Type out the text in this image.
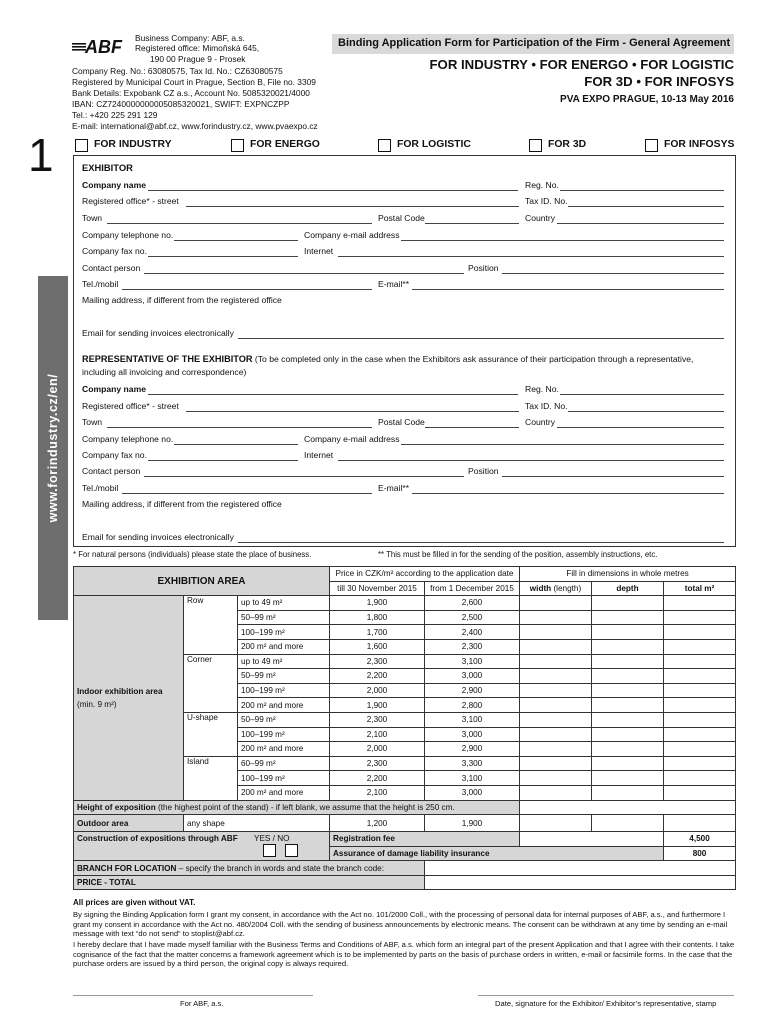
ABF Business Company: ABF, a.s.
Registered office: Mimoňská 645,
190 00 Prague 9 - Prosek
Company Reg. No.: 63080575, Tax Id. No.: CZ63080575
Registered by Municipal Court in Prague, Section B, File no. 3309
Bank Details: Expobank CZ a.s., Account No. 5085320021/4000
IBAN: CZ7240000000005085320021, SWIFT: EXPNCZPP
Tel.: +420 225 291 129
E-mail: international@abf.cz, www.forindustry.cz, www.pvaexpo.cz
Binding Application Form for Participation of the Firm - General Agreement
FOR INDUSTRY • FOR ENERGO • FOR LOGISTIC
FOR 3D • FOR INFOSYS
PVA EXPO PRAGUE, 10-13 May 2016
1
www.forindustry.cz/en/
FOR INDUSTRY	FOR ENERGO	FOR LOGISTIC	FOR 3D	FOR INFOSYS
EXHIBITOR
Company name	Reg. No.
Registered office* - street	Tax ID. No.
Town	Postal Code	Country
Company telephone no.	Company e-mail address
Company fax no.	Internet
Contact person	Position
Tel./mobil	E-mail**
Mailing address, if different from the registered office
Email for sending invoices electronically
REPRESENTATIVE OF THE EXHIBITOR (To be completed only in the case when the Exhibitors ask assurance of their participation through a representative,
including all invoicing and correspondence)
Company name	Reg. No.
Registered office* - street	Tax ID. No.
Town	Postal Code	Country
Company telephone no.	Company e-mail address
Company fax no.	Internet
Contact person	Position
Tel./mobil	E-mail**
Mailing address, if different from the registered office
Email for sending invoices electronically
* For natural persons (individuals) please state the place of business.	** This must be filled in for the sending of the position, assembly instructions, etc.
EXHIBITION AREA			Price in CZK/m² according to the application date		Fill in dimensions in whole metres		
			till 30 November 2015	from 1 December 2015	width (length)	depth	total m²

Indoor exhibition area
(min. 9 m²)	Row	up to 49 m²	1,900	2,600			
		50–99 m²	1,800	2,500			
		100–199 m²	1,700	2,400			
		200 m² and more	1,600	2,300			
	Corner	up to 49 m²	2,300	3,100			
		50–99 m²	2,200	3,000			
		100–199 m²	2,000	2,900			
		200 m² and more	1,900	2,800			
	U-shape	50–99 m²	2,300	3,100			
		100–199 m²	2,100	3,000			
		200 m² and more	2,000	2,900			
	Island	60–99 m²	2,300	3,300			
		100–199 m²	2,200	3,100			
		200 m² and more	2,100	3,000			
Height of exposition (the highest point of the stand) - if left blank, we assume that the height is 250 cm.							
Outdoor area	any shape		1,200	1,900			
Construction of expositions through ABF YES / NO			Registration fee				4,500
			Assurance of damage liability insurance				800
BRANCH FOR LOCATION – specify the branch in words and state the branch code:							
PRICE - TOTAL							
All prices are given without VAT.
By signing the Binding Application form I grant my consent, in accordance with the Act no. 101/2000 Coll., with the processing of personal data for internal purposes of ABF, a.s., and furthermore I grant my consent in accordance with the Act no. 480/2004 Coll. with the sending of business announcements by electronic means. The consent can be withdrawn at any time by sending an e-mail message with text “do not send“ to stoplist@abf.cz.
I hereby declare that I have made myself familiar with the Business Terms and Conditions of ABF, a.s. which form an integral part of the present Application and that I agree with their contents. I take cognisance of the fact that the matter concerns a framework agreement which is to be implemented by parts on the basis of purchase orders in written, e-mail or facsimile forms. In the case that the purchase orders are issued by a third person, the original copy is always required.
For ABF, a.s.	Date, signature for the Exhibitor/ Exhibitor’s representative, stamp
